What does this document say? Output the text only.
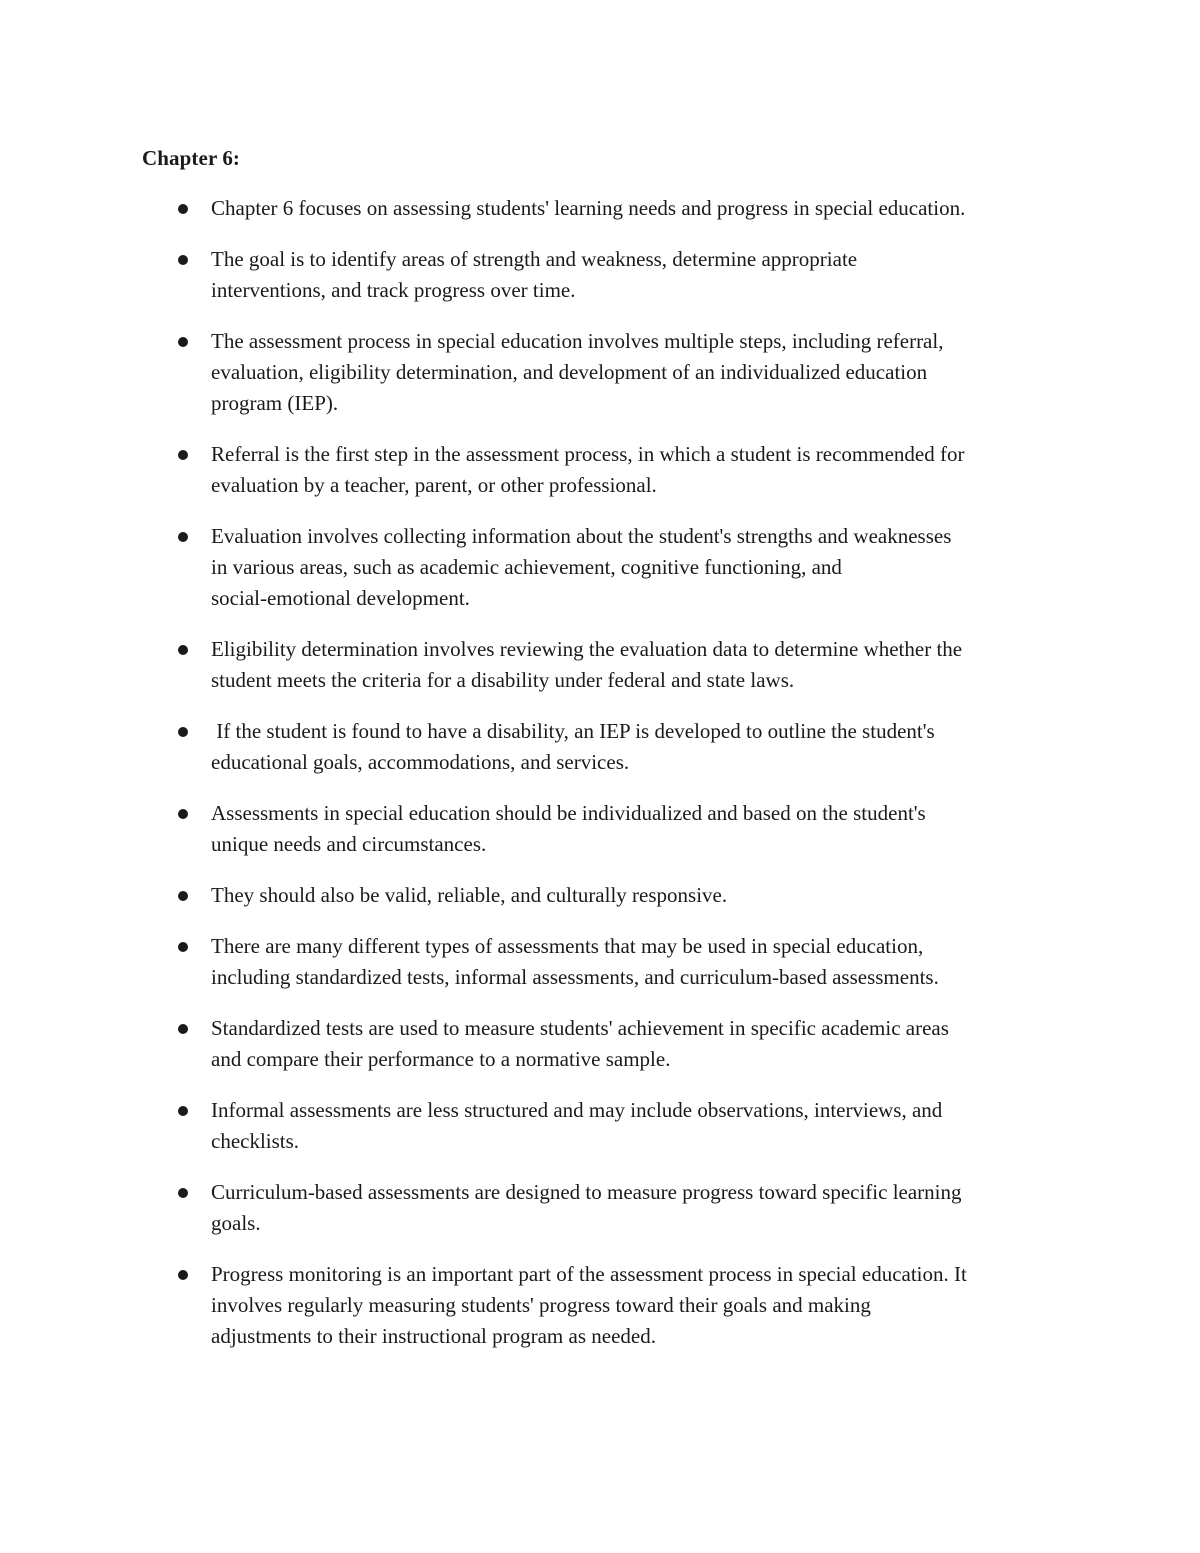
Chapter 6:
Chapter 6 focuses on assessing students' learning needs and progress in special education.
The goal is to identify areas of strength and weakness, determine appropriate
interventions, and track progress over time.
The assessment process in special education involves multiple steps, including referral,
evaluation, eligibility determination, and development of an individualized education
program (IEP).
Referral is the first step in the assessment process, in which a student is recommended for
evaluation by a teacher, parent, or other professional.
Evaluation involves collecting information about the student's strengths and weaknesses
in various areas, such as academic achievement, cognitive functioning, and
social-emotional development.
Eligibility determination involves reviewing the evaluation data to determine whether the
student meets the criteria for a disability under federal and state laws.
If the student is found to have a disability, an IEP is developed to outline the student's
educational goals, accommodations, and services.
Assessments in special education should be individualized and based on the student's
unique needs and circumstances.
They should also be valid, reliable, and culturally responsive.
There are many different types of assessments that may be used in special education,
including standardized tests, informal assessments, and curriculum-based assessments.
Standardized tests are used to measure students' achievement in specific academic areas
and compare their performance to a normative sample.
Informal assessments are less structured and may include observations, interviews, and
checklists.
Curriculum-based assessments are designed to measure progress toward specific learning
goals.
Progress monitoring is an important part of the assessment process in special education. It
involves regularly measuring students' progress toward their goals and making
adjustments to their instructional program as needed.
